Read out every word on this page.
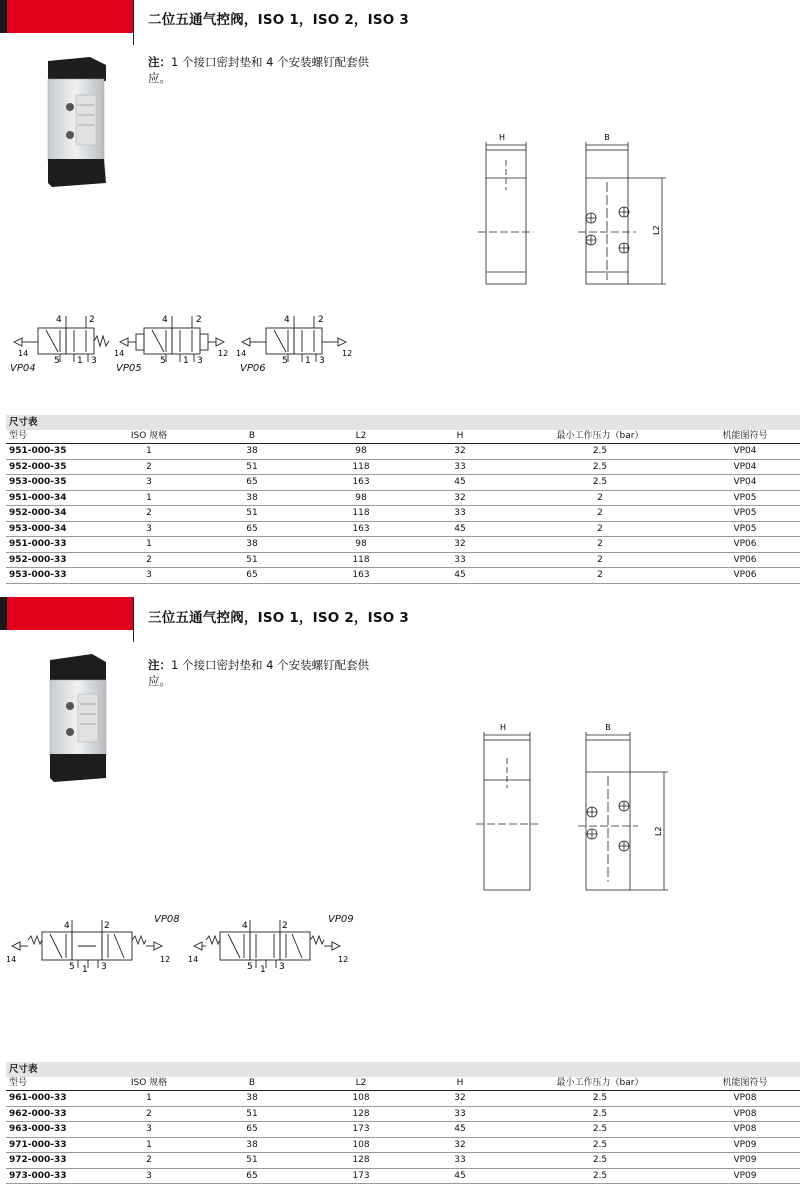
二位五通气控阀，ISO 1，ISO 2，ISO 3
注：1 个接口密封垫和 4 个安装螺钉配套供应。
H	B
L2
4	2
5 1 3
14
VP04
4	2
5 1 3
14	12
VP05
4	2
5 1 3
14	12
VP06
尺寸表
型号	ISO 规格	B	L2	H	最小工作压力（bar）	机能图符号
951-000-35	1	38	98	32	2.5	VP04
952-000-35	2	51	118	33	2.5	VP04
953-000-35	3	65	163	45	2.5	VP04
951-000-34	1	38	98	32	2	VP05
952-000-34	2	51	118	33	2	VP05
953-000-34	3	65	163	45	2	VP05
951-000-33	1	38	98	32	2	VP06
952-000-33	2	51	118	33	2	VP06
953-000-33	3	65	163	45	2	VP06
三位五通气控阀，ISO 1，ISO 2，ISO 3
注：1 个接口密封垫和 4 个安装螺钉配套供应。
H	B
L2
4	2
5 1 3
14	12
VP08
4	2
5 1 3
14	12
VP09
尺寸表
型号	ISO 规格	B	L2	H	最小工作压力（bar）	机能图符号
961-000-33	1	38	108	32	2.5	VP08
962-000-33	2	51	128	33	2.5	VP08
963-000-33	3	65	173	45	2.5	VP08
971-000-33	1	38	108	32	2.5	VP09
972-000-33	2	51	128	33	2.5	VP09
973-000-33	3	65	173	45	2.5	VP09
